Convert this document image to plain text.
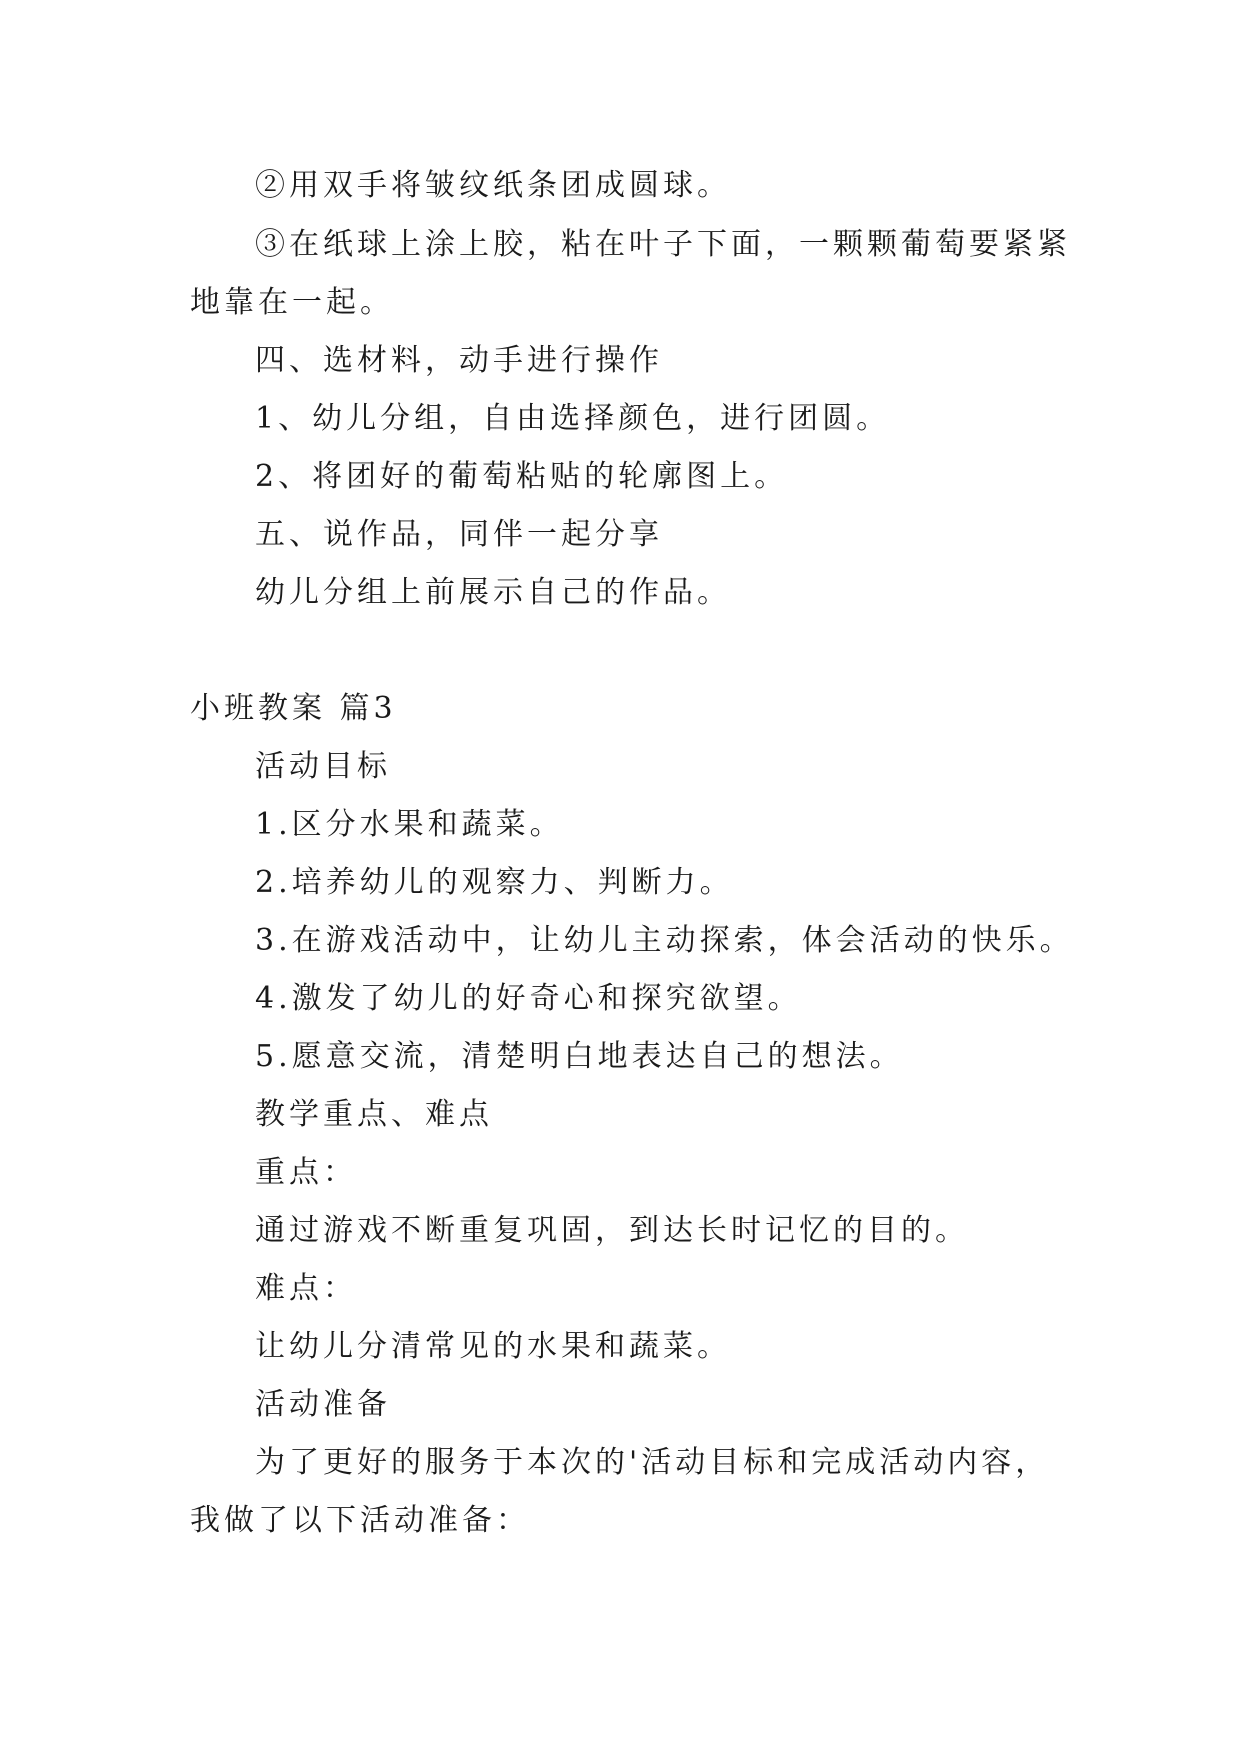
②用双手将皱纹纸条团成圆球。
③在纸球上涂上胶，粘在叶子下面，一颗颗葡萄要紧紧
地靠在一起。
四、选材料，动手进行操作
1、幼儿分组，自由选择颜色，进行团圆。
2、将团好的葡萄粘贴的轮廓图上。
五、说作品，同伴一起分享
幼儿分组上前展示自己的作品。
小班教案 篇3
活动目标
1.区分水果和蔬菜。
2.培养幼儿的观察力、判断力。
3.在游戏活动中，让幼儿主动探索，体会活动的快乐。
4.激发了幼儿的好奇心和探究欲望。
5.愿意交流，清楚明白地表达自己的想法。
教学重点、难点
重点：
通过游戏不断重复巩固，到达长时记忆的目的。
难点：
让幼儿分清常见的水果和蔬菜。
活动准备
为了更好的服务于本次的'活动目标和完成活动内容，
我做了以下活动准备：
